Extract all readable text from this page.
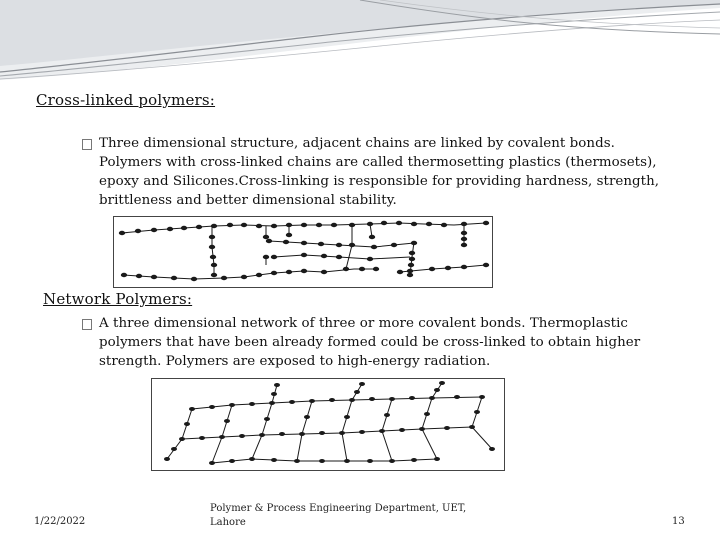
Cross-linked polymers:
Three dimensional structure, adjacent chains are linked by covalent bonds. Polymers with cross-linked chains are called thermosetting plastics (thermosets), epoxy and Silicones.Cross-linking is responsible for providing hardness, strength, brittleness and better dimensional stability.
Network Polymers:
A three dimensional network of three or more covalent bonds. Thermoplastic polymers that have been already formed could be cross-linked to obtain higher strength. Polymers are exposed to high-energy radiation.
1/22/2022
Polymer & Process Engineering Department, UET, Lahore	13
